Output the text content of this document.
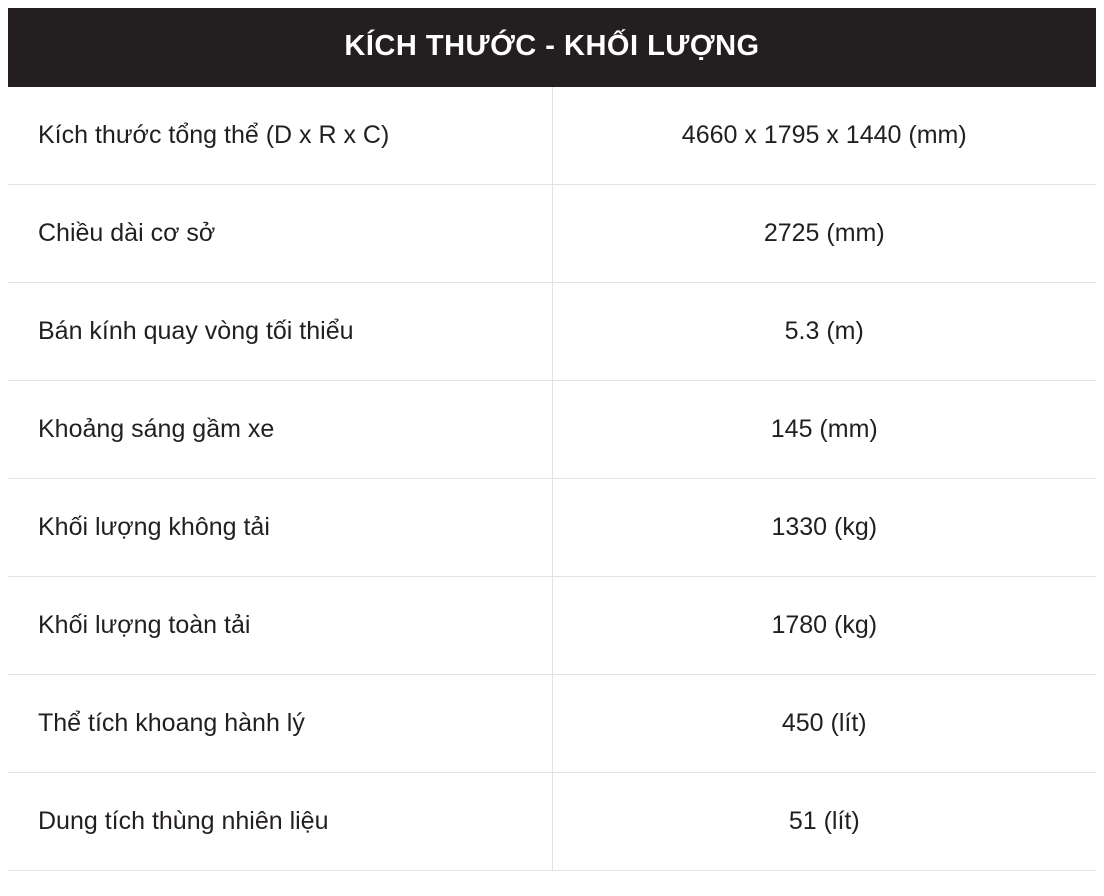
KÍCH THƯỚC - KHỐI LƯỢNG	
Kích thước tổng thể (D x R x C)	4660 x 1795 x 1440 (mm)
Chiều dài cơ sở	2725 (mm)
Bán kính quay vòng tối thiểu	5.3 (m)
Khoảng sáng gầm xe	145 (mm)
Khối lượng không tải	1330 (kg)
Khối lượng toàn tải	1780 (kg)
Thể tích khoang hành lý	450 (lít)
Dung tích thùng nhiên liệu	51 (lít)
